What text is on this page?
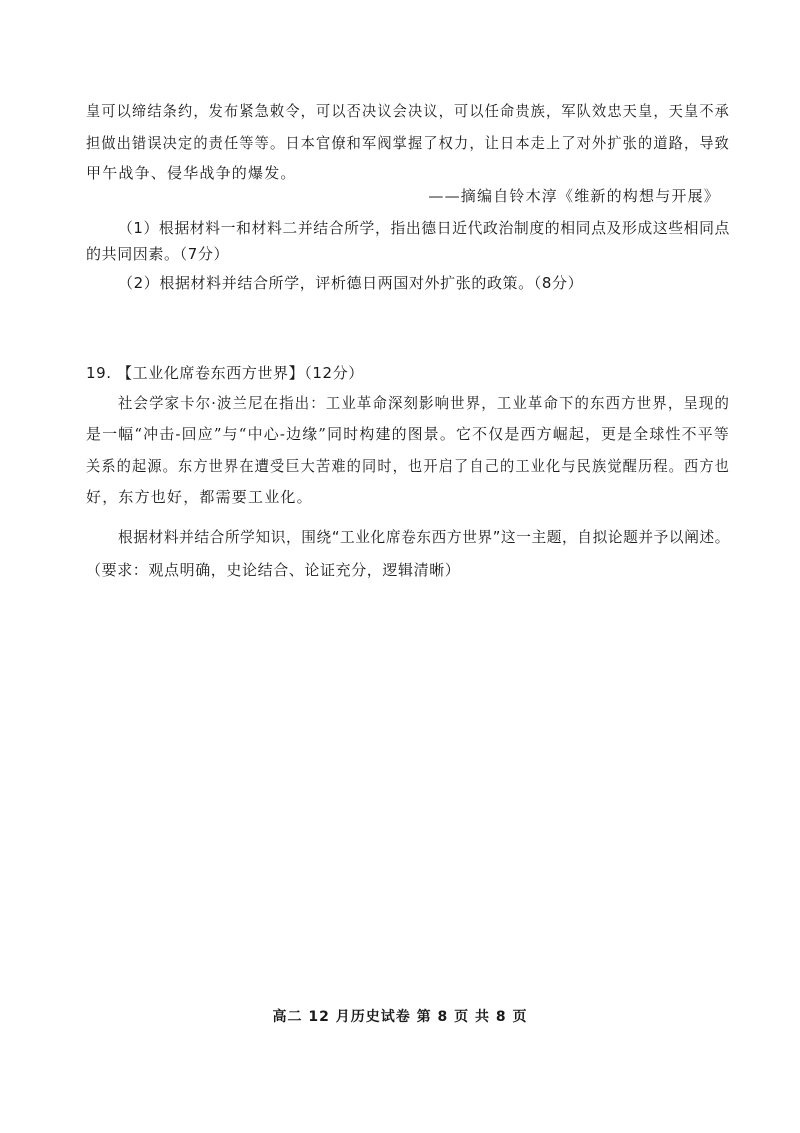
皇可以缔结条约，发布紧急敕令，可以否决议会决议，可以任命贵族，军队效忠天皇，天皇不承
担做出错误决定的责任等等。日本官僚和军阀掌握了权力，让日本走上了对外扩张的道路，导致
甲午战争、侵华战争的爆发。
——摘编自铃木淳《维新的构想与开展》
（1）根据材料一和材料二并结合所学，指出德日近代政治制度的相同点及形成这些相同点
的共同因素。（7分）
（2）根据材料并结合所学，评析德日两国对外扩张的政策。（8分）
19. 【工业化席卷东西方世界】（12分）
社会学家卡尔·波兰尼在指出：工业革命深刻影响世界，工业革命下的东西方世界，呈现的
是一幅“冲击-回应”与“中心-边缘”同时构建的图景。它不仅是西方崛起，更是全球性不平等
关系的起源。东方世界在遭受巨大苦难的同时，也开启了自己的工业化与民族觉醒历程。西方也
好，东方也好，都需要工业化。
根据材料并结合所学知识，围绕“工业化席卷东西方世界”这一主题，自拟论题并予以阐述。
（要求：观点明确，史论结合、论证充分，逻辑清晰）
高二 12 月历史试卷 第 8 页 共 8 页
